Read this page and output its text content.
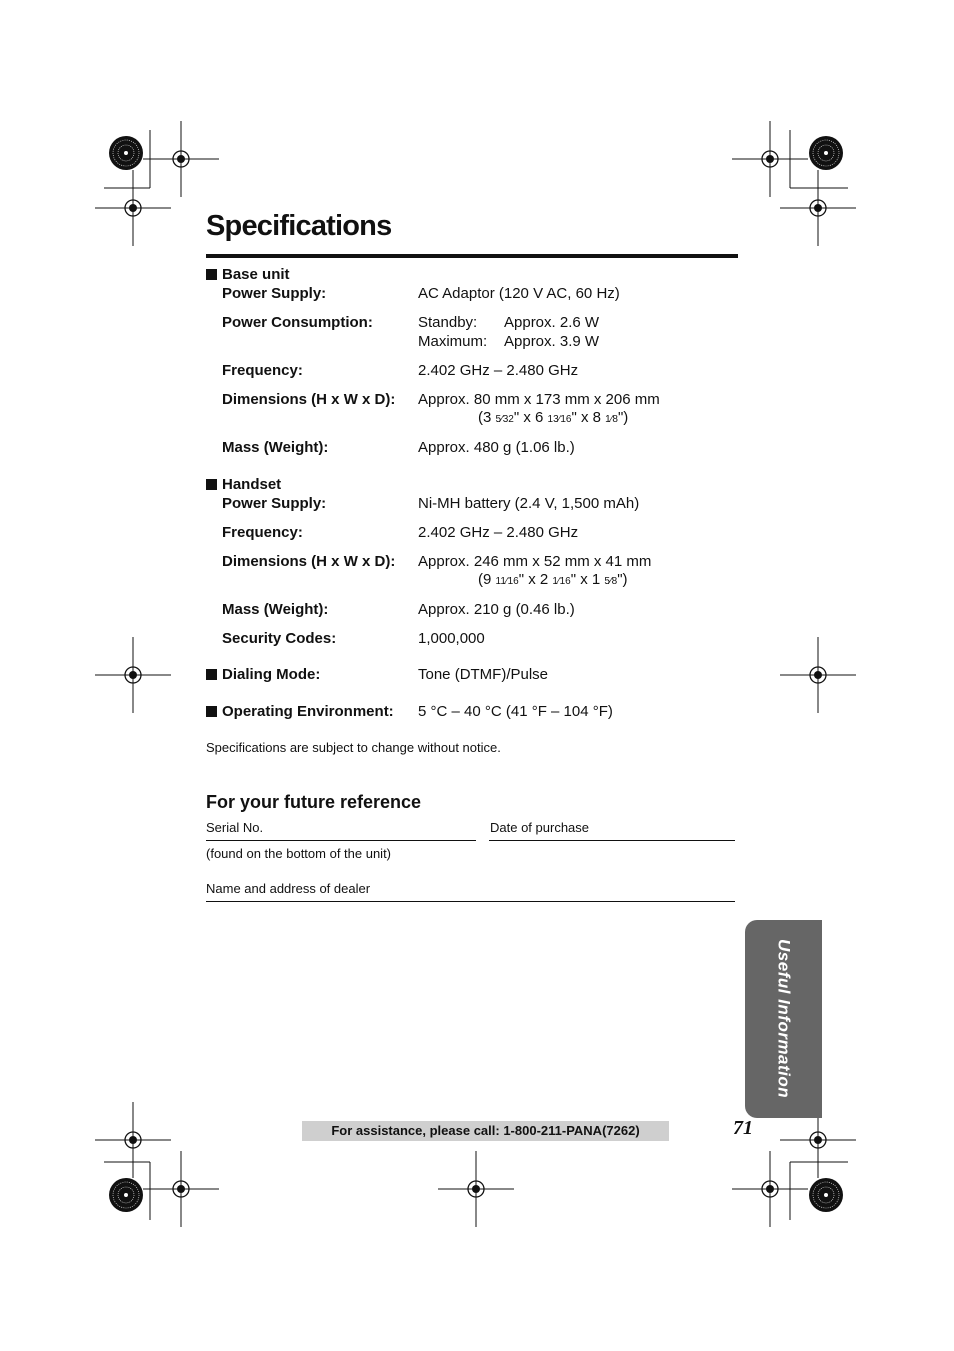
Specifications
Base unit
Power Supply:	AC Adaptor (120 V AC, 60 Hz)
Power Consumption:	Standby: Approx. 2.6 W
Maximum: Approx. 3.9 W
Frequency:	2.402 GHz – 2.480 GHz
Dimensions (H x W x D): Approx. 80 mm x 173 mm x 206 mm
(3 5⁄32" x 6 13⁄16" x 8 1⁄8")
Mass (Weight):	Approx. 480 g (1.06 lb.)
Handset
Power Supply:	Ni-MH battery (2.4 V, 1,500 mAh)
Frequency:	2.402 GHz – 2.480 GHz
Dimensions (H x W x D): Approx. 246 mm x 52 mm x 41 mm
(9 11⁄16" x 2 1⁄16" x 1 5⁄8")
Mass (Weight):	Approx. 210 g (0.46 lb.)
Security Codes:	1,000,000
Dialing Mode:	Tone (DTMF)/Pulse
Operating Environment: 5 °C – 40 °C (41 °F – 104 °F)
Specifications are subject to change without notice.
For your future reference
Serial No.	Date of purchase
(found on the bottom of the unit)
Name and address of dealer
Useful Information
For assistance, please call: 1-800-211-PANA(7262)	71
